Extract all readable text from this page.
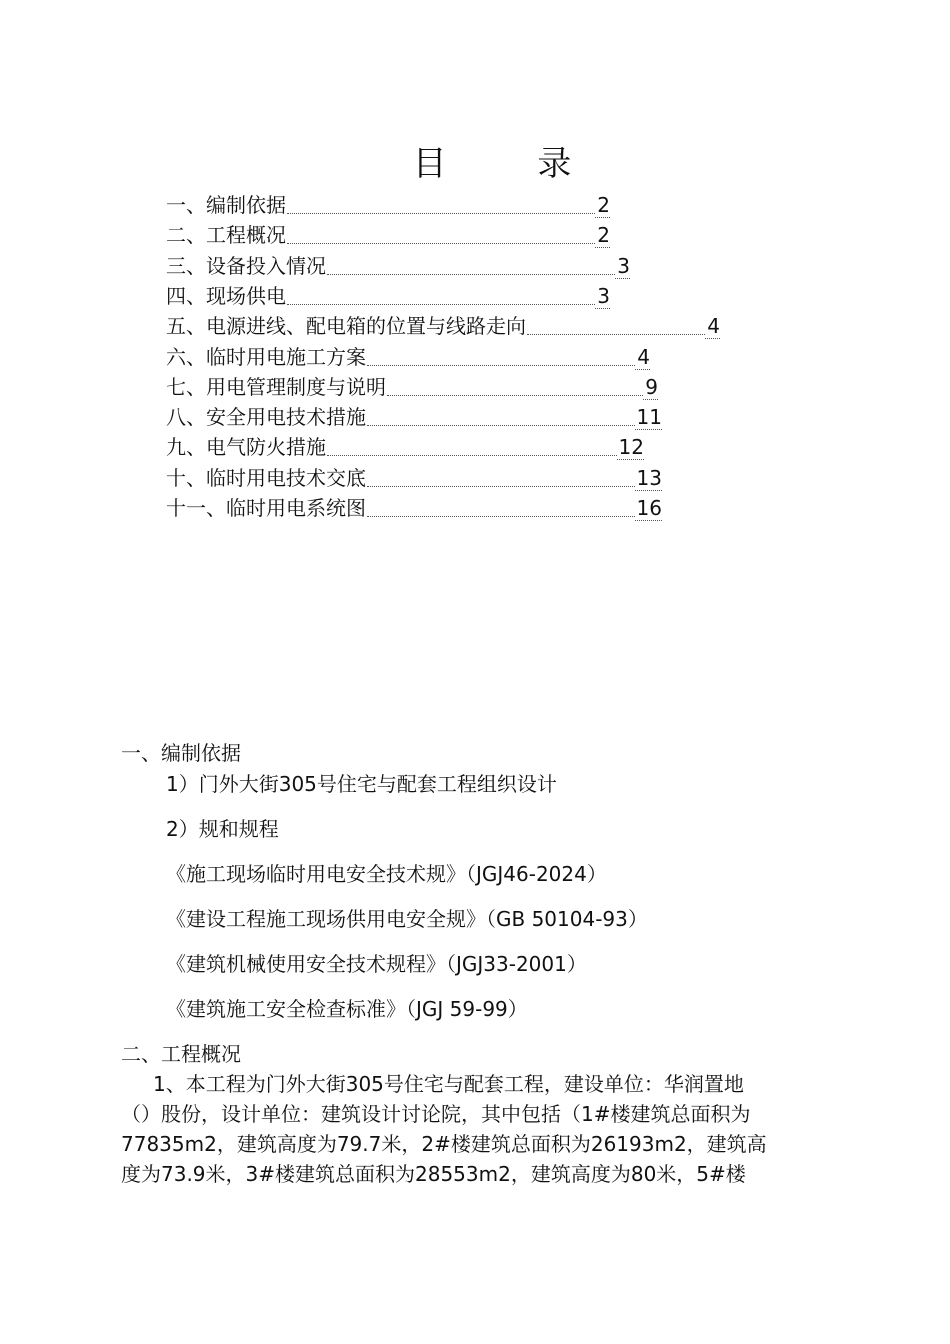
目 录
一、编制依据	2
二、工程概况	2
三、设备投入情况	3
四、现场供电	3
五、电源进线、配电箱的位置与线路走向	4
六、临时用电施工方案	4
七、用电管理制度与说明	9
八、安全用电技术措施	11
九、电气防火措施	12
十、临时用电技术交底	13
十一、临时用电系统图	16
一、编制依据
1）门外大街305号住宅与配套工程组织设计
2）规和规程
《施工现场临时用电安全技术规》（JGJ46-2024）
《建设工程施工现场供用电安全规》（GB 50104-93）
《建筑机械使用安全技术规程》（JGJ33-2001）
《建筑施工安全检查标准》（JGJ 59-99）
二、工程概况
1、本工程为门外大街305号住宅与配套工程，建设单位：华润置地
（）股份，设计单位：建筑设计讨论院，其中包括（1#楼建筑总面积为
77835m2，建筑高度为79.7米，2#楼建筑总面积为26193m2，建筑高
度为73.9米，3#楼建筑总面积为28553m2，建筑高度为80米，5#楼
